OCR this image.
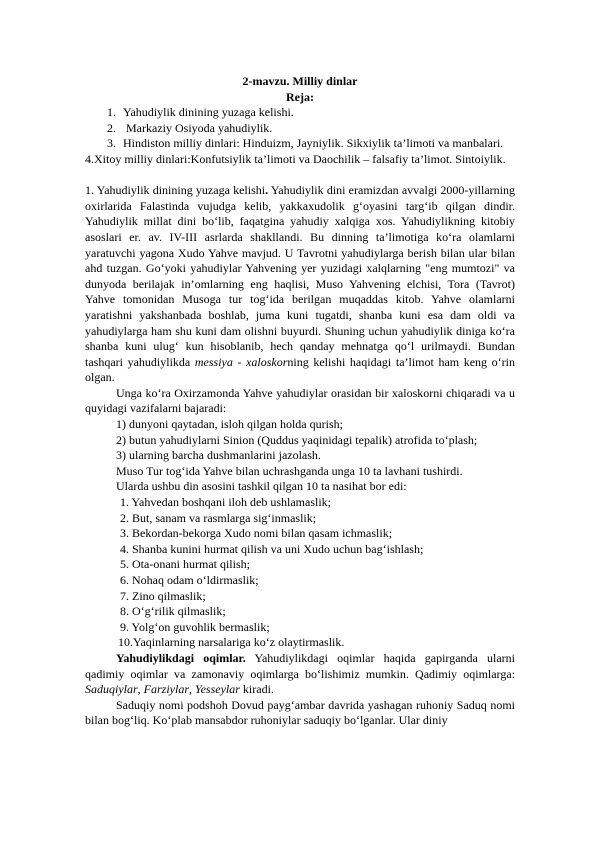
2-mavzu. Milliy dinlar
Reja:
1. Yahudiylik dinining yuzaga kelishi.
2.  Markaziy Osiyoda yahudiylik.
3. Hindiston milliy dinlari: Hinduizm, Jayniylik. Sikxiylik ta’limoti va manbalari.

4.Xitoy milliy dinlari:Konfutsiylik ta’limoti va Daochilik – falsafiy ta’limot. Sintoiylik.

1. Yahudiylik dinining yuzaga kelishi. Yahudiylik dini eramizdan avvalgi 2000-yillarning oxirlarida Falastinda vujudga kelib, yakkaxudolik g‘oyasini targ‘ib qilgan dindir. Yahudiylik millat dini bo‘lib, faqatgina yahudiy xalqiga xos. Yahudiylikning kitobiy asoslari er. av. IV-III asrlarda shakllandi. Bu dinning ta’limotiga ko‘ra olamlarni yaratuvchi yagona Xudo Yahve mavjud. U Tavrotni yahudiylarga berish bilan ular bilan ahd tuzgan. Go‘yoki yahudiylar Yahvening yer yuzidagi xalqlarning "eng mumtozi" va dunyoda berilajak in’omlarning eng haqlisi, Muso Yahvening elchisi, Tora (Tavrot) Yahve tomonidan Musoga tur tog‘ida berilgan muqaddas kitob. Yahve olamlarni yaratishni yakshanbada boshlab, juma kuni tugatdi, shanba kuni esa dam oldi va yahudiylarga ham shu kuni dam olishni buyurdi. Shuning uchun yahudiylik diniga ko‘ra shanba kuni ulug‘ kun hisoblanib, hech qanday mehnatga qo‘l urilmaydi. Bundan tashqari yahudiylikda messiya - xaloskorning kelishi haqidagi ta’limot ham keng o‘rin olgan.

Unga ko‘ra Oxirzamonda Yahve yahudiylar orasidan bir xaloskorni chiqaradi va u quyidagi vazifalarni bajaradi:

1) dunyoni qaytadan, isloh qilgan holda qurish;

2) butun yahudiylarni Sinion (Quddus yaqinidagi tepalik) atrofida to‘plash;

3) ularning barcha dushmanlarini jazolash.

Muso Tur tog‘ida Yahve bilan uchrashganda unga 10 ta lavhani tushirdi.

Ularda ushbu din asosini tashkil qilgan 10 ta nasihat bor edi:

1. Yahvedan boshqani iloh deb ushlamaslik;

2. But, sanam va rasmlarga sig‘inmaslik;

3. Bekordan-bekorga Xudo nomi bilan qasam ichmaslik;

4. Shanba kunini hurmat qilish va uni Xudo uchun bag‘ishlash;

5. Ota-onani hurmat qilish;

6. Nohaq odam o‘ldirmaslik;

7. Zino qilmaslik;

8. O‘g‘rilik qilmaslik;

9. Yolg‘on guvohlik bermaslik;

10.Yaqinlarning narsalariga ko‘z olaytirmaslik.

Yahudiylikdagi oqimlar. Yahudiylikdagi oqimlar haqida gapirganda ularni qadimiy oqimlar va zamonaviy oqimlarga bo‘lishimiz mumkin. Qadimiy oqimlarga: Saduqiylar, Farziylar, Yesseylar kiradi.

Saduqiy nomi podshoh Dovud payg‘ambar davrida yashagan ruhoniy Saduq nomi bilan bog‘liq. Ko‘plab mansabdor ruhoniylar saduqiy bo‘lganlar. Ular diniy
